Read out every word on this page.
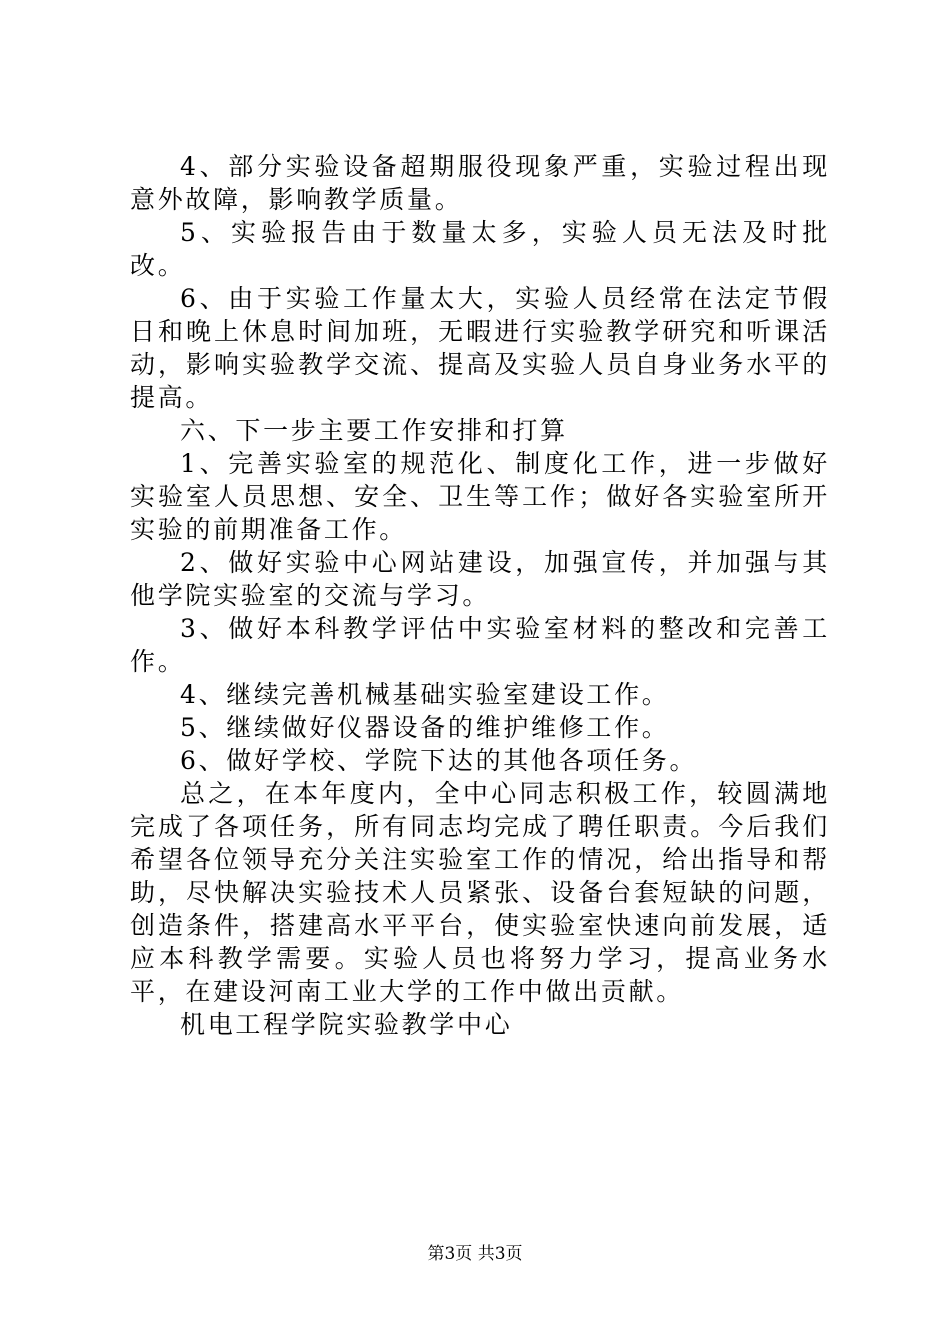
4、部分实验设备超期服役现象严重，实验过程出现意外故障，影响教学质量。

5、实验报告由于数量太多，实验人员无法及时批改。

6、由于实验工作量太大，实验人员经常在法定节假日和晚上休息时间加班，无暇进行实验教学研究和听课活动，影响实验教学交流、提高及实验人员自身业务水平的提高。

六、下一步主要工作安排和打算

1、完善实验室的规范化、制度化工作，进一步做好实验室人员思想、安全、卫生等工作；做好各实验室所开实验的前期准备工作。

2、做好实验中心网站建设，加强宣传，并加强与其他学院实验室的交流与学习。

3、做好本科教学评估中实验室材料的整改和完善工作。

4、继续完善机械基础实验室建设工作。

5、继续做好仪器设备的维护维修工作。

6、做好学校、学院下达的其他各项任务。

总之，在本年度内，全中心同志积极工作，较圆满地完成了各项任务，所有同志均完成了聘任职责。今后我们希望各位领导充分关注实验室工作的情况，给出指导和帮助，尽快解决实验技术人员紧张、设备台套短缺的问题，创造条件，搭建高水平平台，使实验室快速向前发展，适应本科教学需要。实验人员也将努力学习，提高业务水平，在建设河南工业大学的工作中做出贡献。

机电工程学院实验教学中心

第3页 共3页
